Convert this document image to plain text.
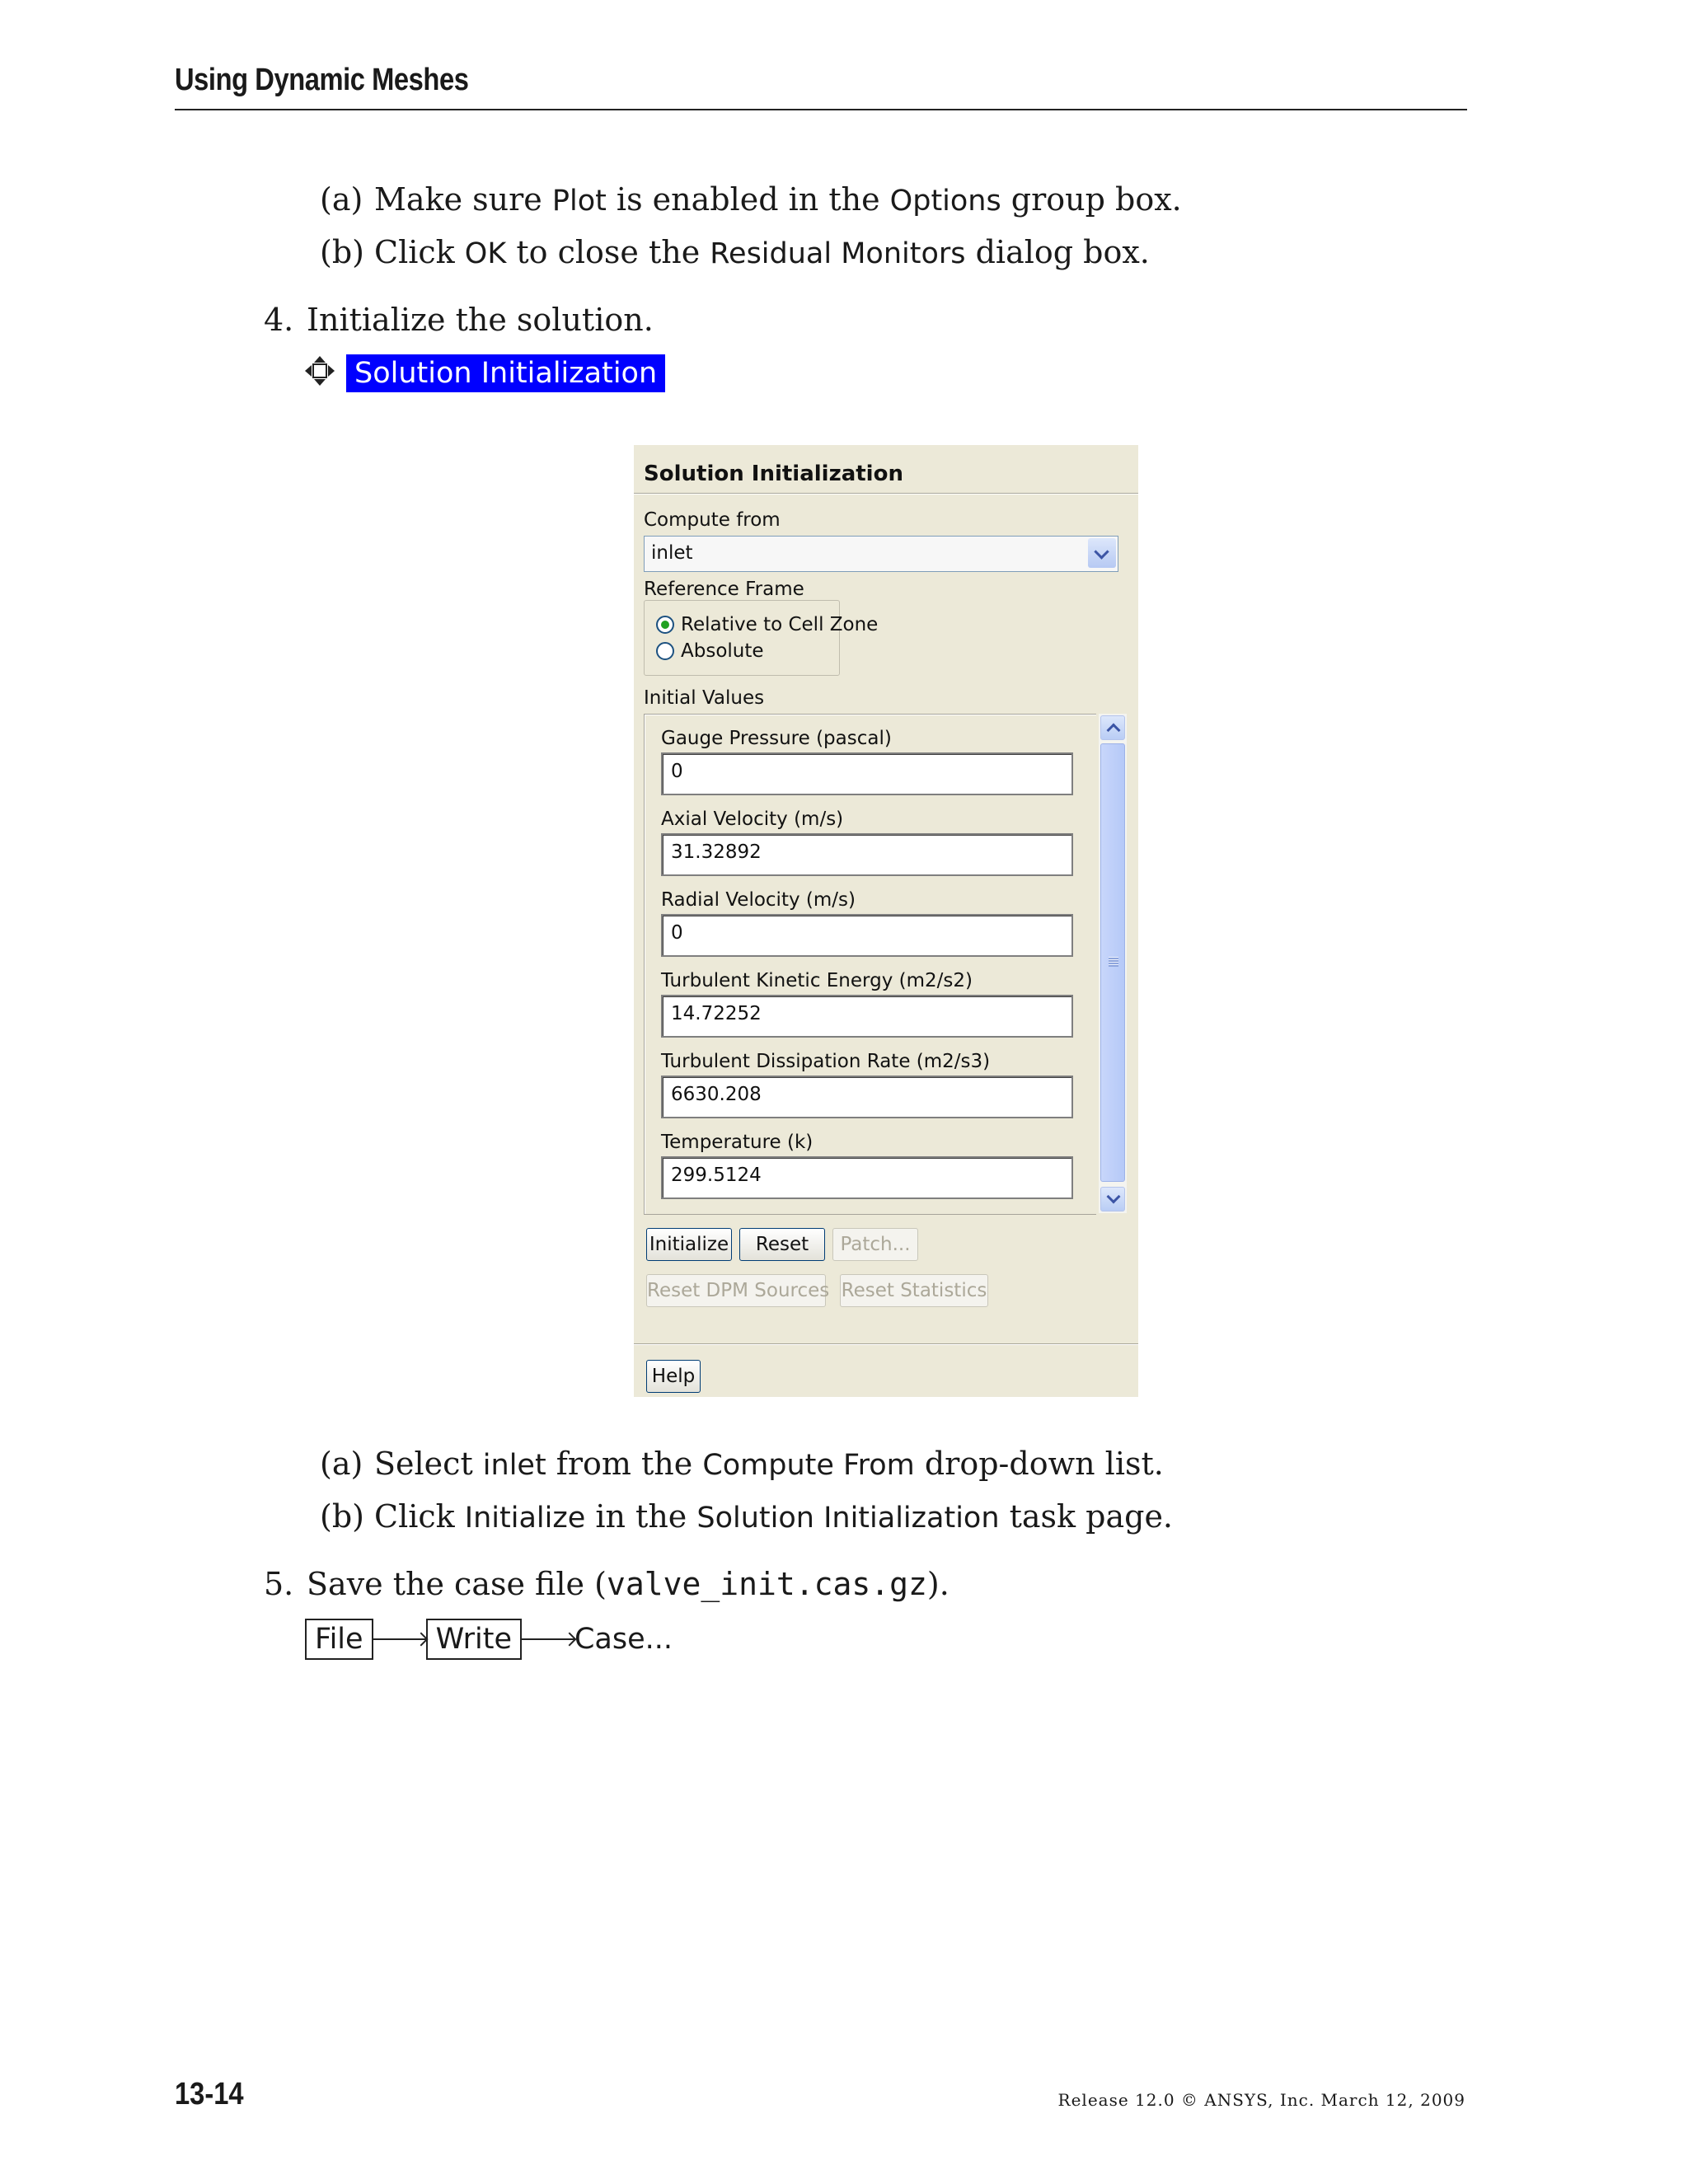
Using Dynamic Meshes
(a) Make sure Plot is enabled in the Options group box.
(b) Click OK to close the Residual Monitors dialog box.
4. Initialize the solution.
Solution Initialization
Solution Initialization
Compute from
inlet
Reference Frame
Relative to Cell Zone
Absolute
Initial Values
Gauge Pressure (pascal)
0
Axial Velocity (m/s)
31.32892
Radial Velocity (m/s)
0
Turbulent Kinetic Energy (m2/s2)
14.72252
Turbulent Dissipation Rate (m2/s3)
6630.208
Temperature (k)
299.5124
Initialize	Reset	Patch...
Reset DPM Sources Reset Statistics
Help
(a) Select inlet from the Compute From drop-down list.
(b) Click Initialize in the Solution Initialization task page.
5. Save the case file (valve_init.cas.gz).
File	Write Case...
13-14	Release 12.0 © ANSYS, Inc. March 12, 2009
